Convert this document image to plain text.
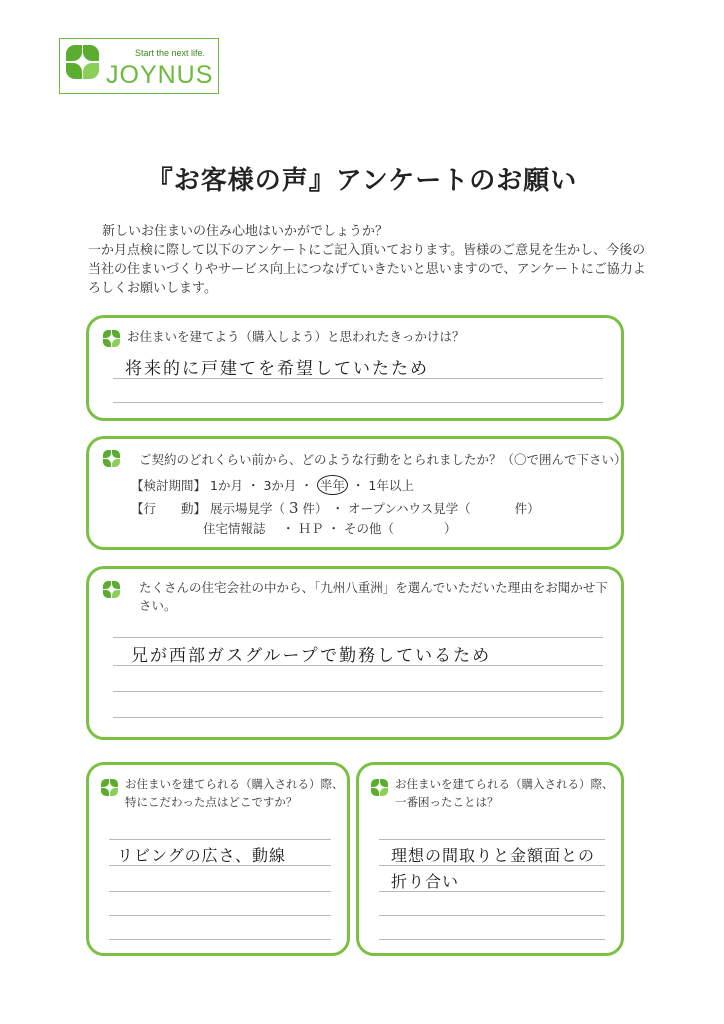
Start the next life.
JOYNUS
『お客様の声』アンケートのお願い

新しいお住まいの住み心地はいかがでしょうか？

一か月点検に際して以下のアンケートにご記入頂いております。皆様のご意見を生かし、今後の当社の住まいづくりやサービス向上につなげていきたいと思いますので、アンケートにご協力よろしくお願いします。

お住まいを建てよう（購入しよう）と思われたきっかけは？
将来的に戸建てを希望していたため
ご契約のどれくらい前から、どのような行動をとられましたか？（〇で囲んで下さい）
【検討期間】 1か月 ・ 3か月 ・ 半年 ・ 1年以上
【行　　動】 展示場見学（ 3 件） ・ オープンハウス見学（	件）
住宅情報誌 　 ・ ＨＰ ・ その他（　　　　）
たくさんの住宅会社の中から、「九州八重洲」を選んでいただいた理由をお聞かせ下さい。
兄が西部ガスグループで勤務しているため
お住まいを建てられる（購入される）際、特にこだわった点はどこですか？
リビングの広さ、動線
お住まいを建てられる（購入される）際、一番困ったことは？
理想の間取りと金額面との
折り合い
